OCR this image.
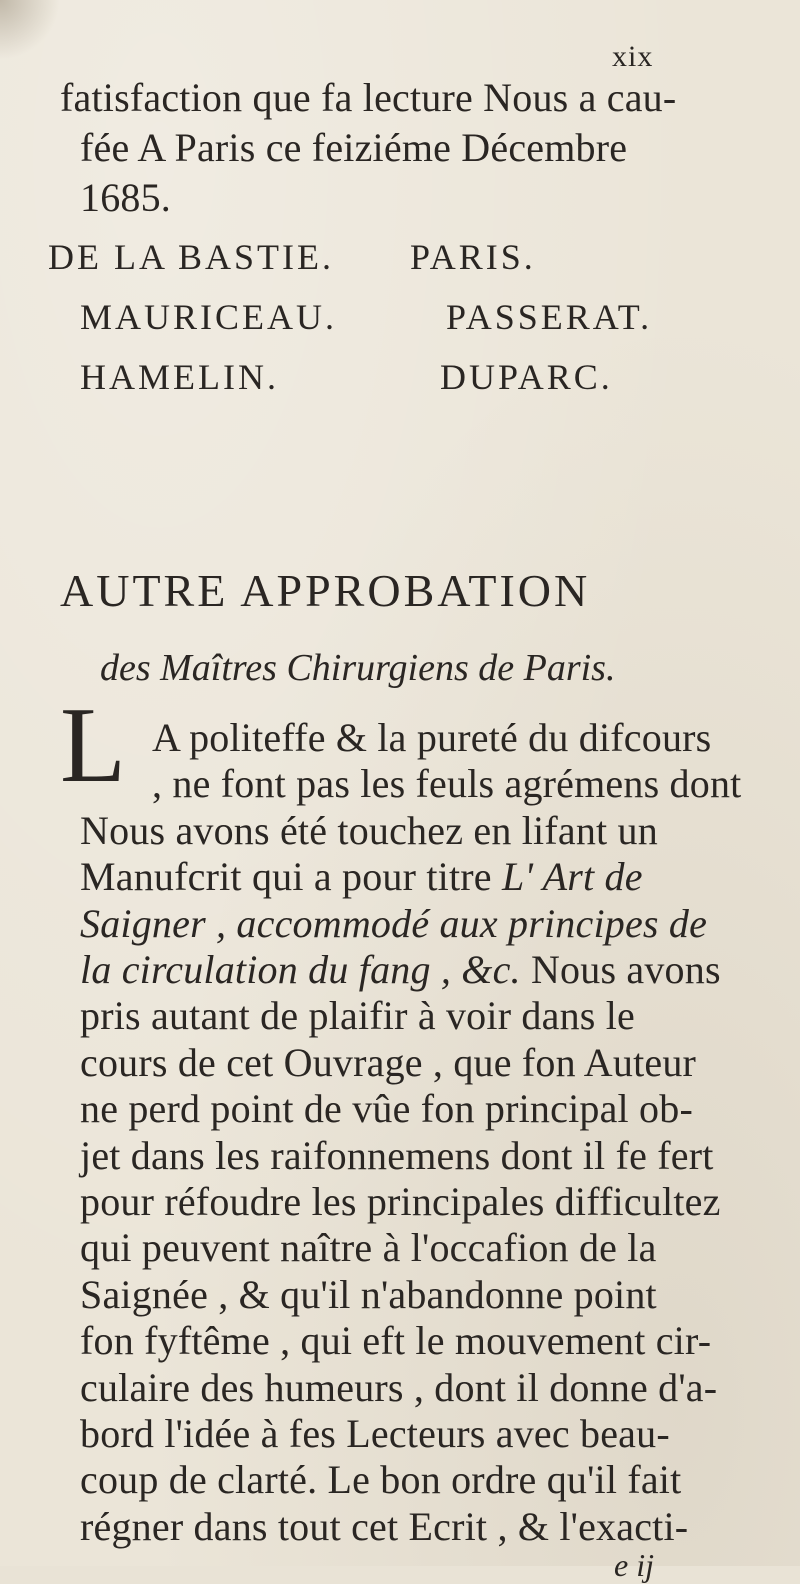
xix
fatisfaction que fa lecture Nous a cau-
fée A Paris ce feiziéme Décembre
1685.
DE LA BASTIE. PARIS.
MAURICEAU.	PASSERAT.
HAMELIN.	DUPARC.
AUTRE APPROBATION
des Maîtres Chirurgiens de Paris.
L A politeffe & la pureté du difcours
, ne font pas les feuls agrémens dont
Nous avons été touchez en lifant un
Manufcrit qui a pour titre L' Art de
Saigner , accommodé aux principes de
la circulation du fang , &c. Nous avons
pris autant de plaifir à voir dans le
cours de cet Ouvrage , que fon Auteur
ne perd point de vûe fon principal ob-
jet dans les raifonnemens dont il fe fert
pour réfoudre les principales difficultez
qui peuvent naître à l'occafion de la
Saignée , & qu'il n'abandonne point
fon fyftême , qui eft le mouvement cir-
culaire des humeurs , dont il donne d'a-
bord l'idée à fes Lecteurs avec beau-
coup de clarté. Le bon ordre qu'il fait
régner dans tout cet Ecrit , & l'exacti-
e ij
